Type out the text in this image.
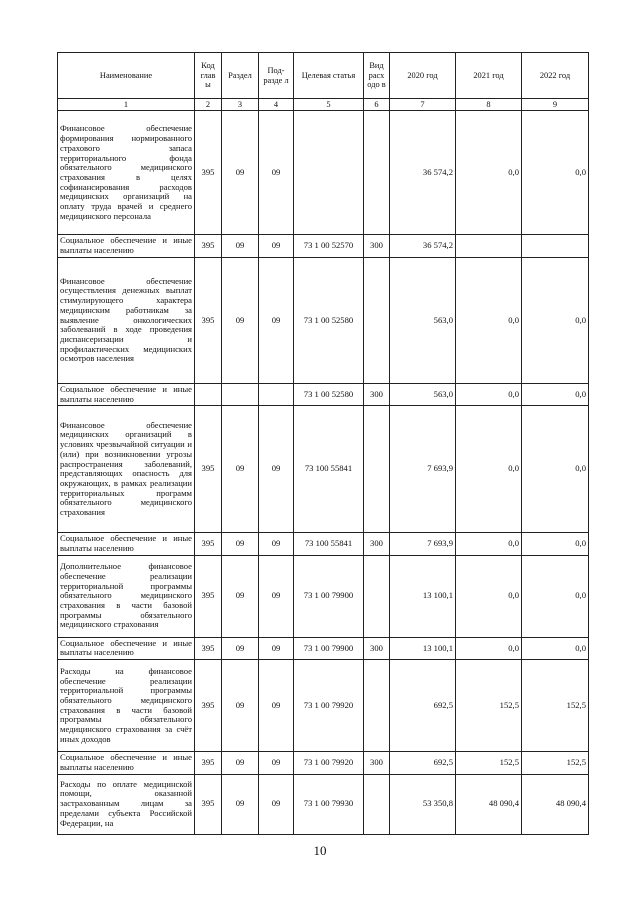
Наименование	Код глав ы	Раздел	Под-разде л	Целевая статья	Вид расх одо в	2020 год	2021 год	2022 год
1	2	3	4	5	6	7	8	9
Финансовое обеспечение формирования нормированного страхового запаса территориального фонда обязательного медицинского страхования в целях софинансирования расходов медицинских организаций на оплату труда врачей и среднего медицинского персонала	395	09	09			36 574,2	0,0	0,0
Социальное обеспечение и иные выплаты населению	395	09	09	73 1 00 52570	300	36 574,2		
Финансовое обеспечение осуществления денежных выплат стимулирующего характера медицинским работникам за выявление онкологических заболеваний в ходе проведения диспансеризации и профилактических медицинских осмотров населения	395	09	09	73 1 00 52580		563,0	0,0	0,0
Социальное обеспечение и иные выплаты населению				73 1 00 52580	300	563,0	0,0	0,0
Финансовое обеспечение медицинских организаций в условиях чрезвычайной ситуации и (или) при возникновении угрозы распространения заболеваний, представляющих опасность для окружающих, в рамках реализации территориальных программ обязательного медицинского страхования	395	09	09	73 100 55841		7 693,9	0,0	0,0
Социальное обеспечение и иные выплаты населению	395	09	09	73 100 55841	300	7 693,9	0,0	0,0
Дополнительное финансовое обеспечение реализации территориальной программы обязательного медицинского страхования в части базовой программы обязательного медицинского страхования	395	09	09	73 1 00 79900		13 100,1	0,0	0,0
Социальное обеспечение и иные выплаты населению	395	09	09	73 1 00 79900	300	13 100,1	0,0	0,0
Расходы на финансовое обеспечение реализации территориальной программы обязательного медицинского страхования в части базовой программы обязательного медицинского страхования за счёт иных доходов	395	09	09	73 1 00 79920		692,5	152,5	152,5
Социальное обеспечение и иные выплаты населению	395	09	09	73 1 00 79920	300	692,5	152,5	152,5
Расходы по оплате медицинской помощи, оказанной застрахованным лицам за пределами субъекта Российской Федерации, на	395	09	09	73 1 00 79930		53 350,8	48 090,4	48 090,4
10
